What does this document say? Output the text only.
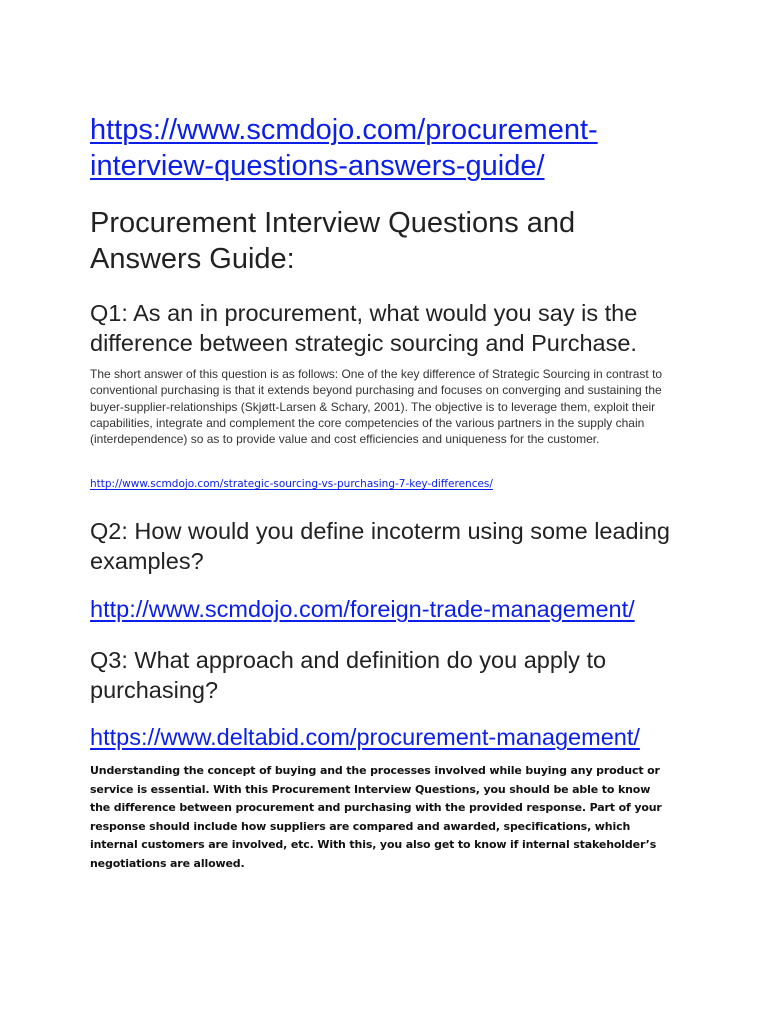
https://www.scmdojo.com/procurement-interview-questions-answers-guide/
Procurement Interview Questions and Answers Guide:
Q1: As an in procurement, what would you say is the difference between strategic sourcing and Purchase.

The short answer of this question is as follows: One of the key difference of Strategic Sourcing in contrast to conventional purchasing is that it extends beyond purchasing and focuses on converging and sustaining the buyer-supplier-relationships (Skjøtt-Larsen & Schary, 2001). The objective is to leverage them, exploit their capabilities, integrate and complement the core competencies of the various partners in the supply chain (interdependence) so as to provide value and cost efficiencies and uniqueness for the customer.

http://www.scmdojo.com/strategic-sourcing-vs-purchasing-7-key-differences/
Q2: How would you define incoterm using some leading examples?
http://www.scmdojo.com/foreign-trade-management/
Q3: What approach and definition do you apply to purchasing?
https://www.deltabid.com/procurement-management/

Understanding the concept of buying and the processes involved while buying any product or service is essential. With this Procurement Interview Questions, you should be able to know the difference between procurement and purchasing with the provided response. Part of your response should include how suppliers are compared and awarded, specifications, which internal customers are involved, etc. With this, you also get to know if internal stakeholder’s negotiations are allowed.
